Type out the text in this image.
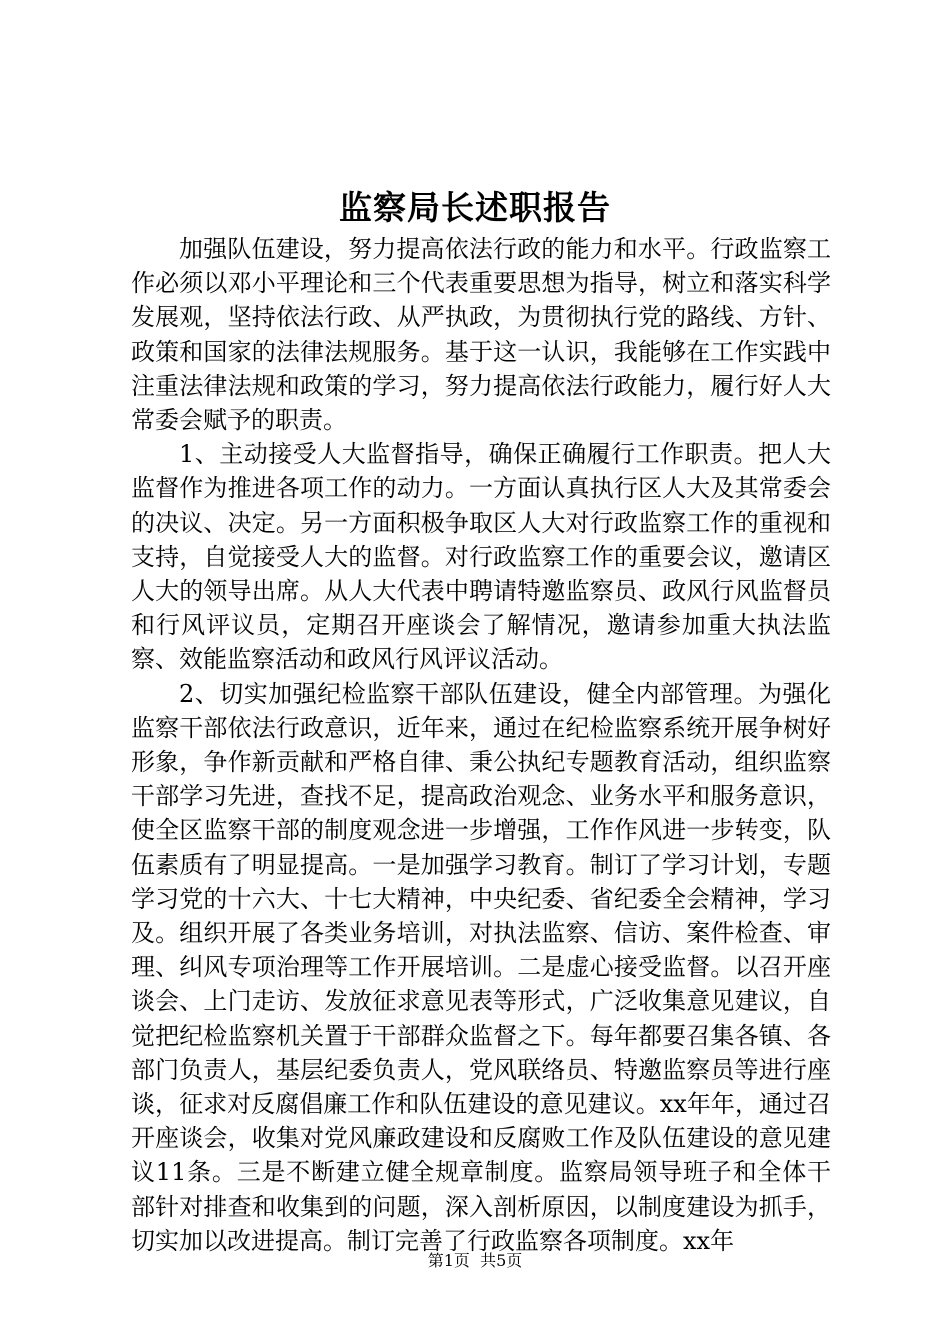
监察局长述职报告

加强队伍建设，努力提高依法行政的能力和水平。行政监察工作必须以邓小平理论和三个代表重要思想为指导，树立和落实科学发展观，坚持依法行政、从严执政，为贯彻执行党的路线、方针、政策和国家的法律法规服务。基于这一认识，我能够在工作实践中注重法律法规和政策的学习，努力提高依法行政能力，履行好人大常委会赋予的职责。

1、主动接受人大监督指导，确保正确履行工作职责。把人大监督作为推进各项工作的动力。一方面认真执行区人大及其常委会的决议、决定。另一方面积极争取区人大对行政监察工作的重视和支持，自觉接受人大的监督。对行政监察工作的重要会议，邀请区人大的领导出席。从人大代表中聘请特邀监察员、政风行风监督员和行风评议员，定期召开座谈会了解情况，邀请参加重大执法监察、效能监察活动和政风行风评议活动。

2、切实加强纪检监察干部队伍建设，健全内部管理。为强化监察干部依法行政意识，近年来，通过在纪检监察系统开展争树好形象，争作新贡献和严格自律、秉公执纪专题教育活动，组织监察干部学习先进，查找不足，提高政治观念、业务水平和服务意识，使全区监察干部的制度观念进一步增强，工作作风进一步转变，队伍素质有了明显提高。一是加强学习教育。制订了学习计划，专题学习党的十六大、十七大精神，中央纪委、省纪委全会精神，学习及。组织开展了各类业务培训，对执法监察、信访、案件检查、审理、纠风专项治理等工作开展培训。二是虚心接受监督。以召开座谈会、上门走访、发放征求意见表等形式，广泛收集意见建议，自觉把纪检监察机关置于干部群众监督之下。每年都要召集各镇、各部门负责人，基层纪委负责人，党风联络员、特邀监察员等进行座谈，征求对反腐倡廉工作和队伍建设的意见建议。xx年年，通过召开座谈会，收集对党风廉政建设和反腐败工作及队伍建设的意见建议11条。三是不断建立健全规章制度。监察局领导班子和全体干部针对排查和收集到的问题，深入剖析原因，以制度建设为抓手，切实加以改进提高。制订完善了行政监察各项制度。xx年

第1页 共5页
